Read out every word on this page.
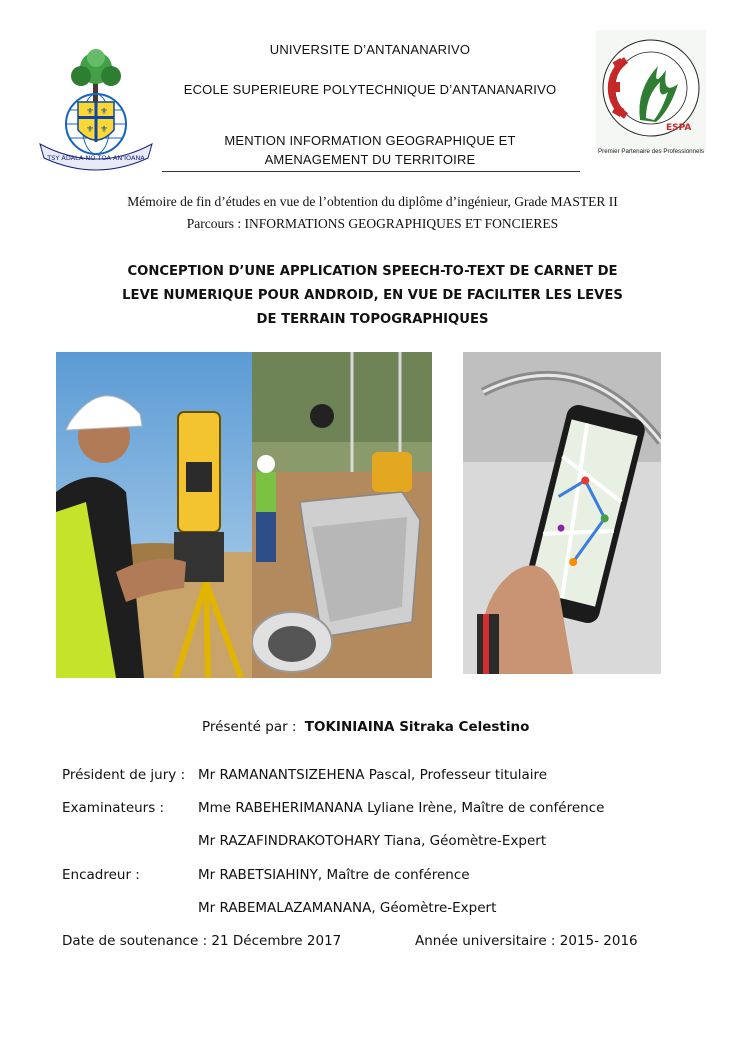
⚜ ⚜
⚜ ⚜
TSY ADALA NO TOA AN'IOANA
ESPA
Premier Partenaire des Professionnels
UNIVERSITE D’ANTANANARIVO
ECOLE SUPERIEURE POLYTECHNIQUE D’ANTANANARIVO
MENTION INFORMATION GEOGRAPHIQUE ET
AMENAGEMENT DU TERRITOIRE
Mémoire de fin d’études en vue de l’obtention du diplôme d’ingénieur, Grade MASTER II
Parcours : INFORMATIONS GEOGRAPHIQUES ET FONCIERES
CONCEPTION D’UNE APPLICATION SPEECH-TO-TEXT DE CARNET DE
LEVE NUMERIQUE POUR ANDROID, EN VUE DE FACILITER LES LEVES
DE TERRAIN TOPOGRAPHIQUES
Présenté par : TOKINIAINA Sitraka Celestino
Président de jury : Mr RAMANANTSIZEHENA Pascal, Professeur titulaire
Examinateurs :	Mme RABEHERIMANANA Lyliane Irène, Maître de conférence
Mr RAZAFINDRAKOTOHARY Tiana, Géomètre-Expert
Encadreur :	Mr RABETSIAHINY, Maître de conférence
Mr RABEMALAZAMANANA, Géomètre-Expert
Date de soutenance : 21 Décembre 2017	Année universitaire : 2015- 2016
